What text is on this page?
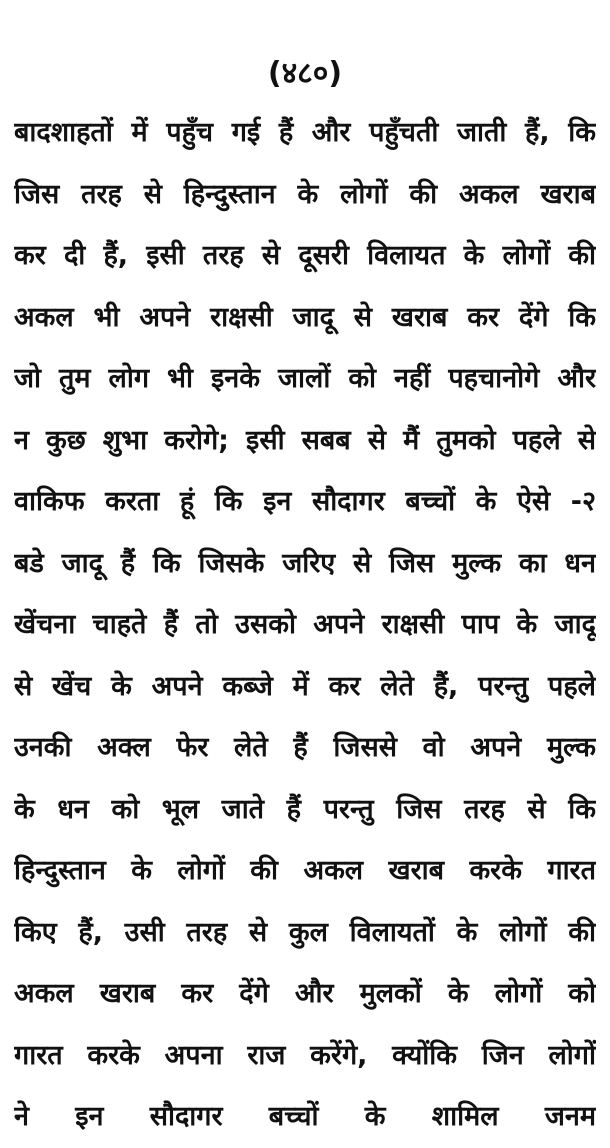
(४८०)
बादशाहतों में पहुँच गई हैं और पहुँचती जाती हैं, कि
जिस तरह से हिन्दुस्तान के लोगों की अकल खराब
कर दी हैं, इसी तरह से दूसरी विलायत के लोगों की
अकल भी अपने राक्षसी जादू से खराब कर देंगे कि
जो तुम लोग भी इनके जालों को नहीं पहचानोगे और
न कुछ शुभा करोगे; इसी सबब से मैं तुमको पहले से
वाकिफ करता हूं कि इन सौदागर बच्चों के ऐसे -२
बडे जादू हैं कि जिसके जरिए से जिस मुल्क का धन
खेंचना चाहते हैं तो उसको अपने राक्षसी पाप के जादू
से खेंच के अपने कब्जे में कर लेते हैं, परन्तु पहले
उनकी अक्ल फेर लेते हैं जिससे वो अपने मुल्क
के धन को भूल जाते हैं परन्तु जिस तरह से कि
हिन्दुस्तान के लोगों की अकल खराब करके गारत
किए हैं, उसी तरह से कुल विलायतों के लोगों की
अकल खराब कर देंगे और मुलकों के लोगों को
गारत करके अपना राज करेंगे, क्योंकि जिन लोगों
ने इन सौदागर बच्चों के शामिल जनम
